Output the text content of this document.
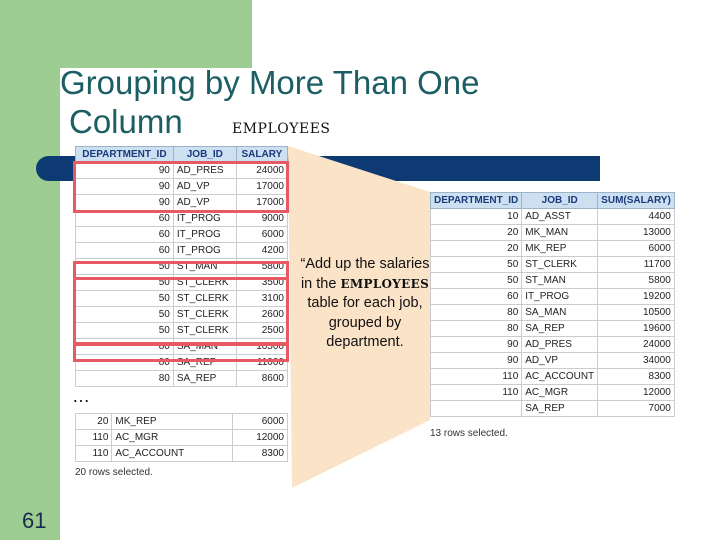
Grouping by More Than One
Column	EMPLOYEES
DEPARTMENT_ID	JOB_ID	SALARY
90	AD_PRES	24000
90	AD_VP	17000
90	AD_VP	17000
60	IT_PROG	9000
60	IT_PROG	6000
60	IT_PROG	4200
50	ST_MAN	5800
50	ST_CLERK	3500
50	ST_CLERK	3100
50	ST_CLERK	2600
50	ST_CLERK	2500
80	SA_MAN	10500
80	SA_REP	11000
80	SA_REP	8600
…
20	MK_REP	6000
110	AC_MGR	12000
110	AC_ACCOUNT	8300
20 rows selected.
DEPARTMENT_ID	JOB_ID	SUM(SALARY)
10	AD_ASST	4400
20	MK_MAN	13000
20	MK_REP	6000
50	ST_CLERK	11700
50	ST_MAN	5800
60	IT_PROG	19200
80	SA_MAN	10500
80	SA_REP	19600
90	AD_PRES	24000
90	AD_VP	34000
110	AC_ACCOUNT	8300
110	AC_MGR	12000
	SA_REP	7000
13 rows selected.
“Add up the salaries in the EMPLOYEES table for each job, grouped by department.
61
